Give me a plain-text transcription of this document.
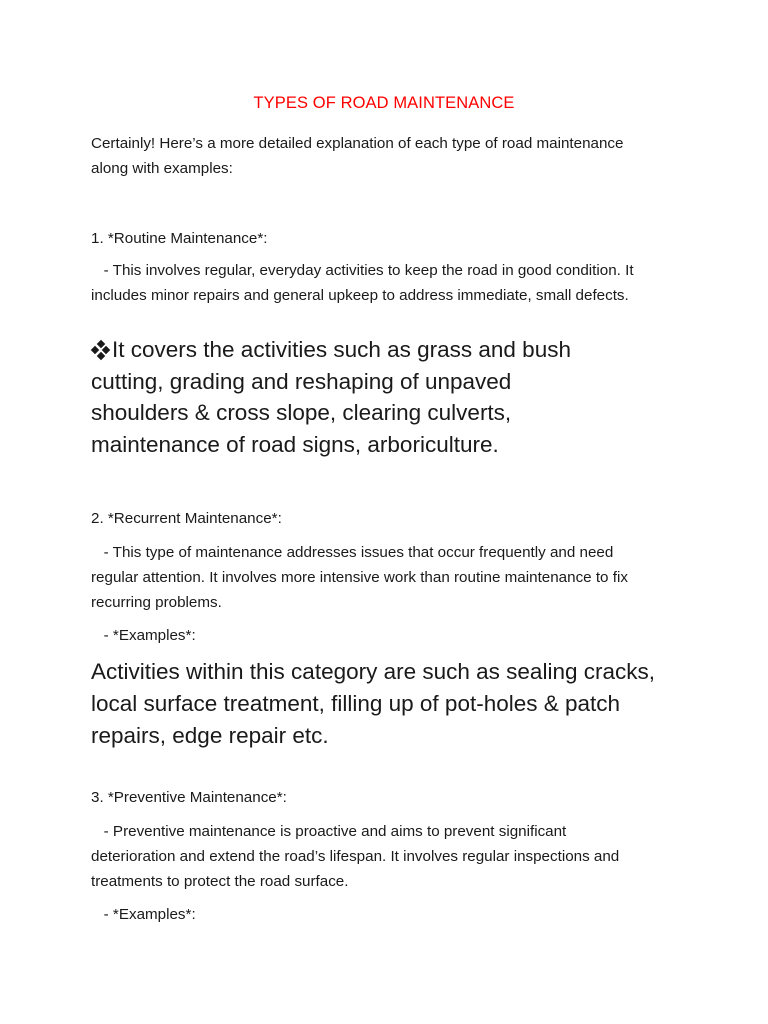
TYPES OF ROAD MAINTENANCE

Certainly! Here’s a more detailed explanation of each type of road maintenance
along with examples:

1. *Routine Maintenance*:

- This involves regular, everyday activities to keep the road in good condition. It
includes minor repairs and general upkeep to address immediate, small defects.

It covers the activities such as grass and bush
cutting, grading and reshaping of unpaved
shoulders & cross slope, clearing culverts,
maintenance of road signs, arboriculture.

2. *Recurrent Maintenance*:

- This type of maintenance addresses issues that occur frequently and need
regular attention. It involves more intensive work than routine maintenance to fix
recurring problems.

- *Examples*:

Activities within this category are such as sealing cracks,
local surface treatment, filling up of pot-holes & patch
repairs, edge repair etc.

3. *Preventive Maintenance*:

- Preventive maintenance is proactive and aims to prevent significant
deterioration and extend the road’s lifespan. It involves regular inspections and
treatments to protect the road surface.

- *Examples*:
